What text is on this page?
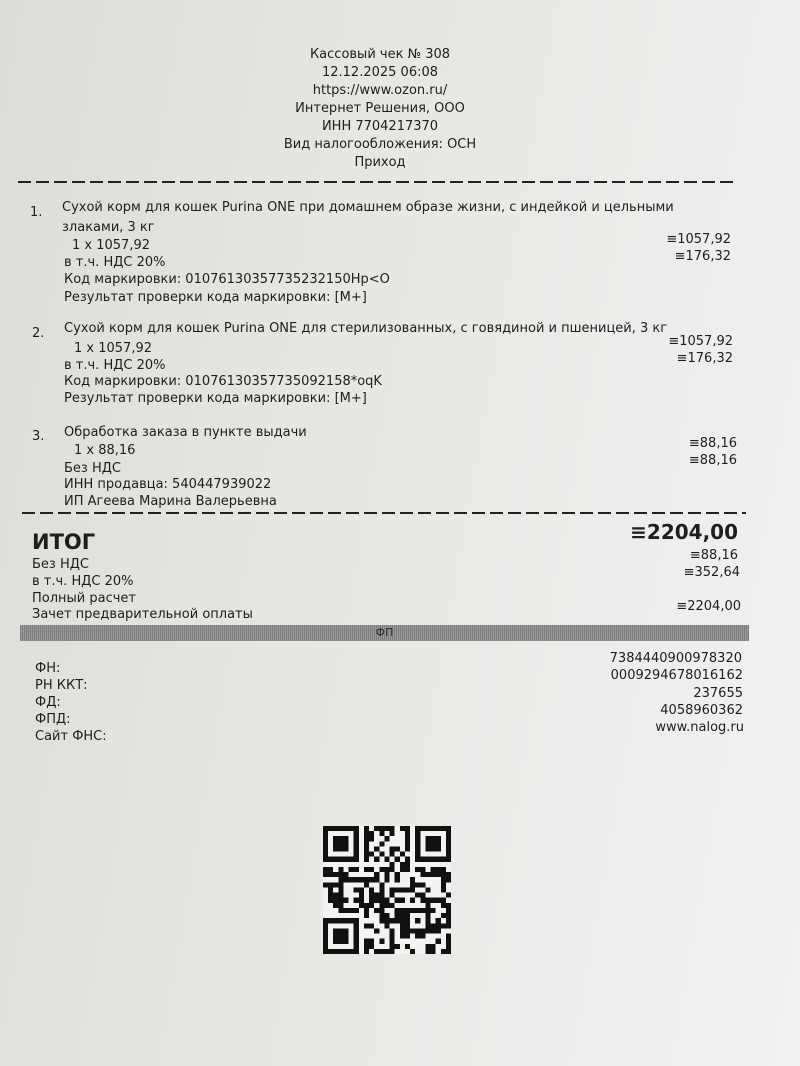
Кассовый чек № 308
12.12.2025 06:08
https://www.ozon.ru/
Интернет Решения, ООО
ИНН 7704217370
Вид налогообложения: ОСН
Приход
1. Сухой корм для кошек Purina ONE при домашнем образе жизни, с индейкой и цельными
злаками, 3 кг
1 x 1057,92
в т.ч. НДС 20%
Код маркировки: 01076130357735232150Hp<O
Результат проверки кода маркировки: [M+]
≡1057,92
≡176,32
2. Сухой корм для кошек Purina ONE для стерилизованных, с говядиной и пшеницей, 3 кг
1 x 1057,92
в т.ч. НДС 20%
Код маркировки: 01076130357735092158*oqK
Результат проверки кода маркировки: [M+]
≡1057,92
≡176,32
3. Обработка заказа в пункте выдачи
1 x 88,16
Без НДС
ИНН продавца: 540447939022
ИП Агеева Марина Валерьевна
≡88,16
≡88,16
ИТОГ	≡2204,00
Без НДС
≡88,16
в т.ч. НДС 20%
≡352,64
Полный расчет
Зачет предварительной оплаты
≡2204,00
ФП
ФН:
РН ККТ:
ФД:
ФПД:
Сайт ФНС:
7384440900978320
0009294678016162
237655
4058960362
www.nalog.ru
